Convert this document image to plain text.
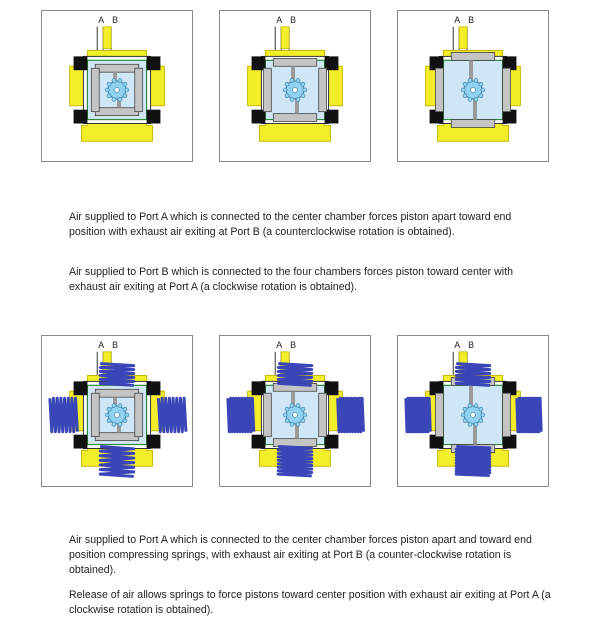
A B	A B	A B

Air supplied to Port A which is connected to the center chamber forces piston apart toward end position with exhaust air exiting at Port B (a counterclockwise rotation is obtained).

Air supplied to Port B which is connected to the four chambers forces piston toward center with exhaust air exiting at Port A (a clockwise rotation is obtained).

A B	A B	A B

Air supplied to Port A which is connected to the center chamber forces piston apart and toward end position compressing springs, with exhaust air exiting at Port B (a counter-clockwise rotation is obtained).

Release of air allows springs to force pistons toward center position with exhaust air exiting at Port A (a clockwise rotation is obtained).
